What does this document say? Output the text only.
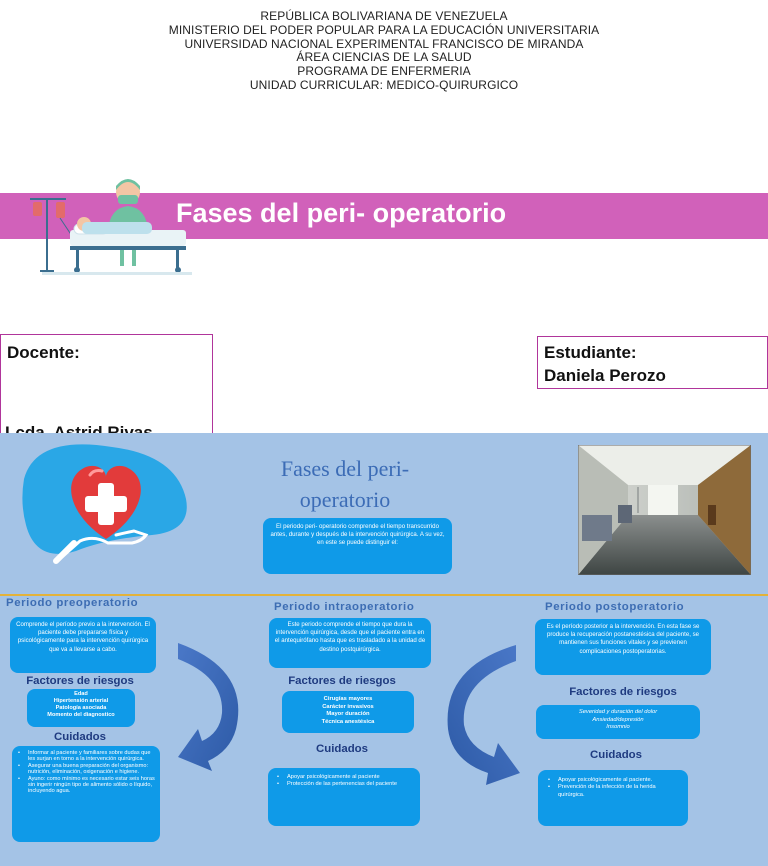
REPÚBLICA BOLIVARIANA DE VENEZUELA
MINISTERIO DEL PODER POPULAR PARA LA EDUCACIÓN UNIVERSITARIA
UNIVERSIDAD NACIONAL EXPERIMENTAL FRANCISCO DE MIRANDA
ÁREA CIENCIAS DE LA SALUD
PROGRAMA DE ENFERMERIA
UNIDAD CURRICULAR: MEDICO-QUIRURGICO
Fases del peri- operatorio
Docente:	Estudiante:
Daniela Perozo
Fases del peri-
operatorio
El periodo peri- operatorio comprende el tiempo transcurrido antes, durante y después de la intervención quirúrgica. A su vez, en este se puede distinguir el:
Periodo preoperatorio
Comprende el período previo a la intervención. El paciente debe prepararse física y psicológicamente para la intervención quirúrgica que va a llevarse a cabo.
Factores de riesgos
Edad
Hipertensión arterial
Patología asociada
Momento del diagnostico
Cuidados
• Informar al paciente y familiares sobre dudas que les surjan en torno a la intervención quirúrgica.
• Asegurar una buena preparación del organismo: nutrición, eliminación, oxigenación e higiene.
• Ayuno: como mínimo es necesario estar seis horas sin ingerir ningún tipo de alimento sólido o líquido, incluyendo agua.
Periodo intraoperatorio
Este periodo comprende el tiempo que dura la intervención quirúrgica, desde que el paciente entra en el antequirófano hasta que es trasladado a la unidad de destino postquirúrgica.
Factores de riesgos
Cirugías mayores
Carácter invasivos
Mayor duración
Técnica anestésica
Cuidados
• Apoyar psicológicamente al paciente
• Protección de las pertenencias del paciente
Periodo postoperatorio
Es el período posterior a la intervención. En esta fase se produce la recuperación postanestésica del paciente, se mantienen sus funciones vitales y se previenen complicaciones postoperatorias.
Factores de riesgos
Severidad y duración del dolor
Ansiedad/depresión
Insomnio
Cuidados
• Apoyar psicológicamente al paciente.
• Prevención de la infección de la herida quirúrgica.
